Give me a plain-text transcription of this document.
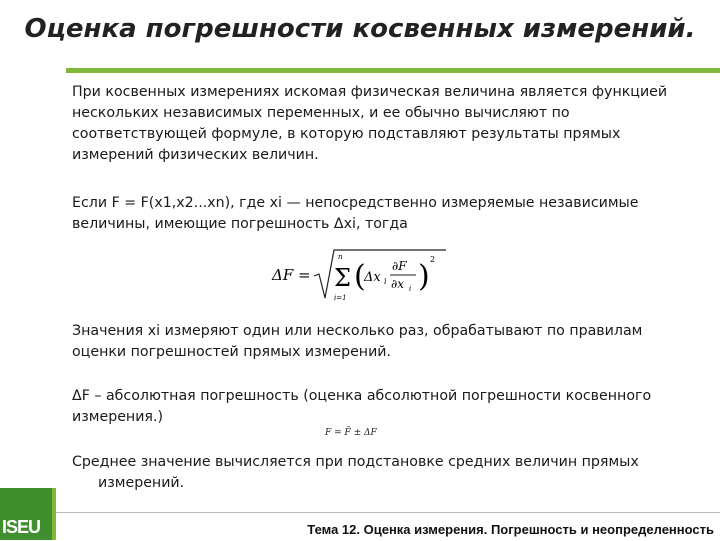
Оценка погрешности косвенных измерений.
При косвенных измерениях искомая физическая величина является функцией нескольких независимых переменных, и ее обычно вычисляют по соответствующей формуле, в которую подставляют результаты прямых измерений физических величин.
Если F = F(x1,x2...xn), где xi — непосредственно измеряемые независимые величины, имеющие погрешность Δxi, тогда
ΔF =
n
Σ
i=1
(
Δx i
∂F
∂x i ) 2
Значения xi измеряют один или несколько раз, обрабатывают по правилам оценки погрешностей прямых измерений.
ΔF – абсолютная погрешность (оценка абсолютной погрешности косвенного измерения.)
F = F̄ ± ΔF
Среднее значение вычисляется при подстановке средних величин прямых измерений.
ISEU	Тема 12. Оценка измерения. Погрешность и неопределенность
